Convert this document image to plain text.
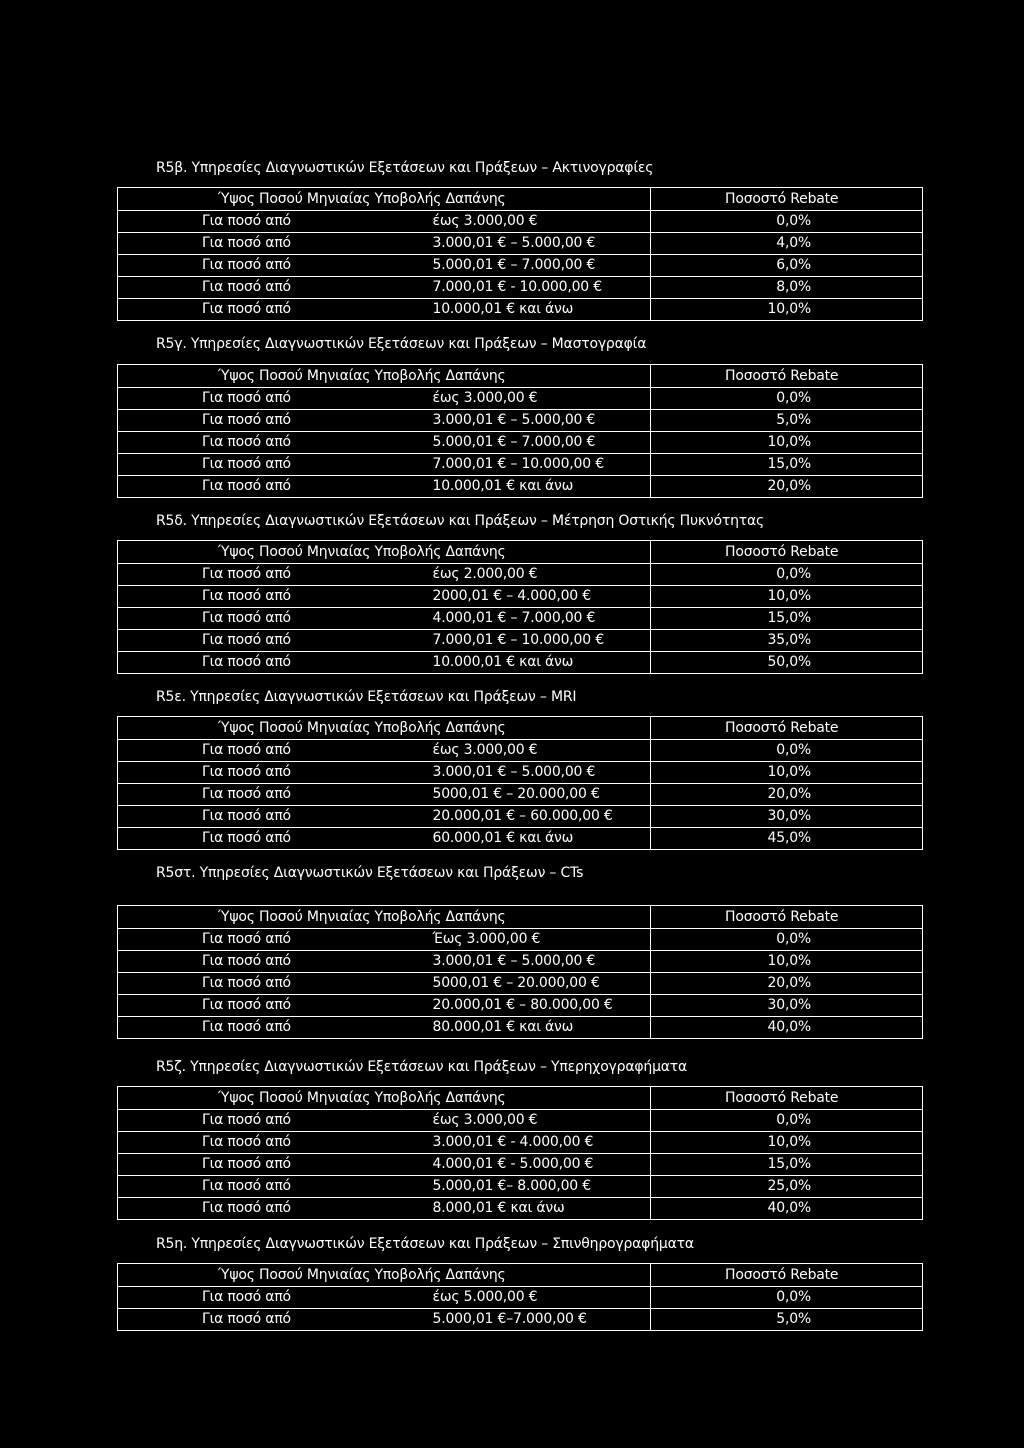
R5β. Υπηρεσίες Διαγνωστικών Εξετάσεων και Πράξεων – Ακτινογραφίες
Ύψος Ποσού Μηνιαίας Υποβολής Δαπάνης		Ποσοστό Rebate
Για ποσό από	έως 3.000,00 €	0,0%
Για ποσό από	3.000,01 € – 5.000,00 €	4,0%
Για ποσό από	5.000,01 € – 7.000,00 €	6,0%
Για ποσό από	7.000,01 € - 10.000,00 €	8,0%
Για ποσό από	10.000,01 € και άνω	10,0%
R5γ. Υπηρεσίες Διαγνωστικών Εξετάσεων και Πράξεων – Μαστογραφία
Ύψος Ποσού Μηνιαίας Υποβολής Δαπάνης		Ποσοστό Rebate
Για ποσό από	έως 3.000,00 €	0,0%
Για ποσό από	3.000,01 € – 5.000,00 €	5,0%
Για ποσό από	5.000,01 € – 7.000,00 €	10,0%
Για ποσό από	7.000,01 € – 10.000,00 €	15,0%
Για ποσό από	10.000,01 € και άνω	20,0%
R5δ. Υπηρεσίες Διαγνωστικών Εξετάσεων και Πράξεων – Μέτρηση Οστικής Πυκνότητας
Ύψος Ποσού Μηνιαίας Υποβολής Δαπάνης		Ποσοστό Rebate
Για ποσό από	έως 2.000,00 €	0,0%
Για ποσό από	2000,01 € – 4.000,00 €	10,0%
Για ποσό από	4.000,01 € – 7.000,00 €	15,0%
Για ποσό από	7.000,01 € – 10.000,00 €	35,0%
Για ποσό από	10.000,01 € και άνω	50,0%
R5ε. Υπηρεσίες Διαγνωστικών Εξετάσεων και Πράξεων – MRI
Ύψος Ποσού Μηνιαίας Υποβολής Δαπάνης		Ποσοστό Rebate
Για ποσό από	έως 3.000,00 €	0,0%
Για ποσό από	3.000,01 € – 5.000,00 €	10,0%
Για ποσό από	5000,01 € – 20.000,00 €	20,0%
Για ποσό από	20.000,01 € – 60.000,00 €	30,0%
Για ποσό από	60.000,01 € και άνω	45,0%
R5στ. Υπηρεσίες Διαγνωστικών Εξετάσεων και Πράξεων – CTs
Ύψος Ποσού Μηνιαίας Υποβολής Δαπάνης		Ποσοστό Rebate
Για ποσό από	Έως 3.000,00 €	0,0%
Για ποσό από	3.000,01 € – 5.000,00 €	10,0%
Για ποσό από	5000,01 € – 20.000,00 €	20,0%
Για ποσό από	20.000,01 € – 80.000,00 €	30,0%
Για ποσό από	80.000,01 € και άνω	40,0%
R5ζ. Υπηρεσίες Διαγνωστικών Εξετάσεων και Πράξεων – Υπερηχογραφήματα
Ύψος Ποσού Μηνιαίας Υποβολής Δαπάνης		Ποσοστό Rebate
Για ποσό από	έως 3.000,00 €	0,0%
Για ποσό από	3.000,01 € - 4.000,00 €	10,0%
Για ποσό από	4.000,01 € - 5.000,00 €	15,0%
Για ποσό από	5.000,01 €– 8.000,00 €	25,0%
Για ποσό από	8.000,01 € και άνω	40,0%
R5η. Υπηρεσίες Διαγνωστικών Εξετάσεων και Πράξεων – Σπινθηρογραφήματα
Ύψος Ποσού Μηνιαίας Υποβολής Δαπάνης		Ποσοστό Rebate
Για ποσό από	έως 5.000,00 €	0,0%
Για ποσό από	5.000,01 €–7.000,00 €	5,0%
